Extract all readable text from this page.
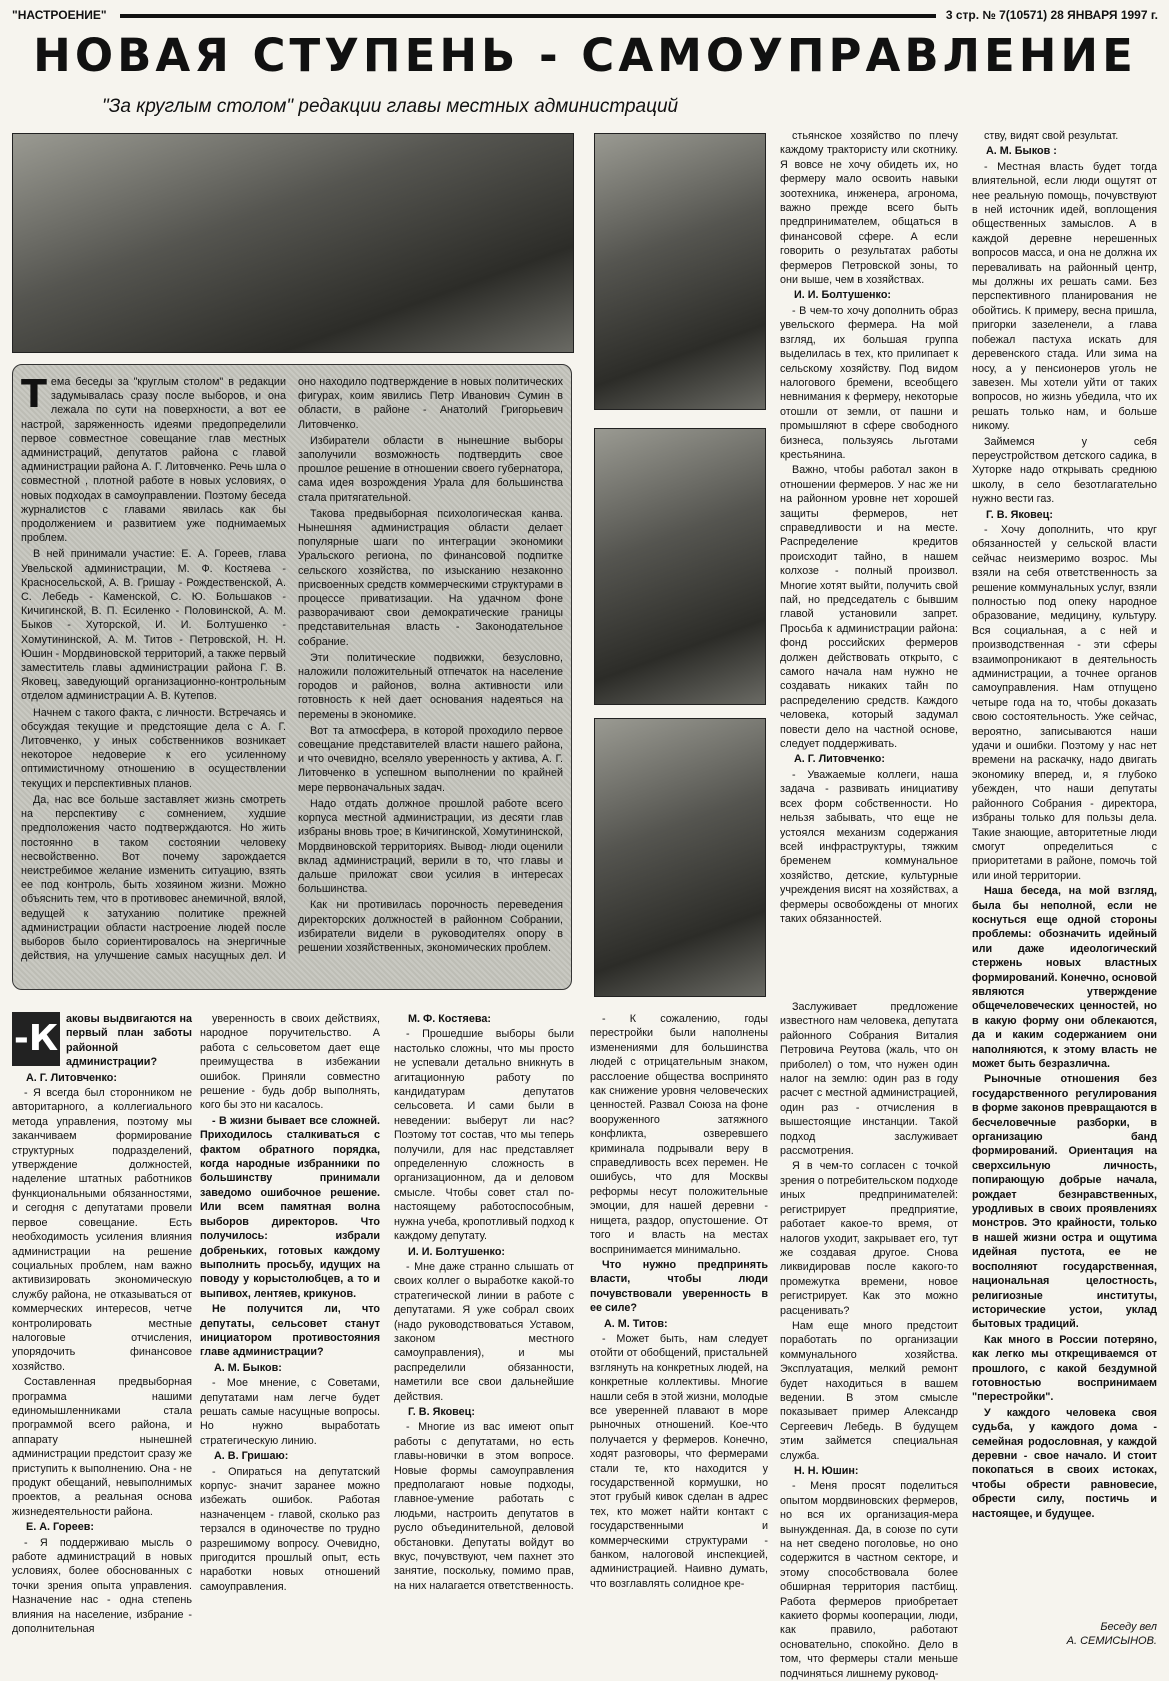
"НАСТРОЕНИЕ"	3 стр. № 7(10571) 28 ЯНВАРЯ 1997 г.
НОВАЯ СТУПЕНЬ - САМОУПРАВЛЕНИЕ
"За круглым столом" редакции главы местных администраций

Тема беседы за "круглым столом" в редакции задумывалась сразу после выборов, и она лежала по сути на поверхности, а вот ее настрой, заряженность идеями предопределили первое совместное совещание глав местных администраций, депутатов района с главой администрации района А. Г. Литовченко. Речь шла о совместной , плотной работе в новых условиях, о новых подходах в самоуправлении. Поэтому беседа журналистов с главами явилась как бы продолжением и развитием уже поднимаемых проблем.

В ней принимали участие: Е. А. Гореев, глава Увельской администрации, М. Ф. Костяева - Красносельской, А. В. Гришау - Рождественской, А. С. Лебедь - Каменской, С. Ю. Большаков - Кичигинской, В. П. Есиленко - Половинской, А. М. Быков - Хуторской, И. И. Болтушенко - Хомутининской, А. М. Титов - Петровской, Н. Н. Юшин - Мордвиновской территорий, а также первый заместитель главы администрации района Г. В. Яковец, заведующий организационно-контрольным отделом администрации А. В. Кутепов.

Начнем с такого факта, с личности. Встречаясь и обсуждая текущие и предстоящие дела с А. Г. Литовченко, у иных собственников возникает некоторое недоверие к его усиленному оптимистичному отношению в осуществлении текущих и перспективных планов.

Да, нас все больше заставляет жизнь смотреть на перспективу с сомнением, худшие предположения часто подтверждаются. Но жить постоянно в таком состоянии человеку несвойственно. Вот почему зарождается неистребимое желание изменить ситуацию, взять ее под контроль, быть хозяином жизни. Можно объяснить тем, что в противовес анемичной, вялой, ведущей к затуханию политике прежней администрации области настроение людей после выборов было сориентировалось на энергичные действия, на улучшение самых насущных дел. И оно находило подтверждение в новых политических фигурах, коим явились Петр Иванович Сумин в области, в районе - Анатолий Григорьевич Литовченко.

Избиратели области в нынешние выборы заполучили возможность подтвердить свое прошлое решение в отношении своего губернатора, сама идея возрождения Урала для большинства стала притягательной.

Такова предвыборная психологическая канва. Нынешняя администрация области делает популярные шаги по интеграции экономики Уральского региона, по финансовой подпитке сельского хозяйства, по изысканию незаконно присвоенных средств коммерческими структурами в процессе приватизации. На удачном фоне разворачивают свои демократические границы представительная власть - Законодательное собрание.

Эти политические подвижки, безусловно, наложили положительный отпечаток на население городов и районов, волна активности или готовность к ней дает основания надеяться на перемены в экономике.

Вот та атмосфера, в которой проходило первое совещание представителей власти нашего района, и что очевидно, вселяло уверенность у актива, А. Г. Литовченко в успешном выполнении по крайней мере первоначальных задач.

Надо отдать должное прошлой работе всего корпуса местной администрации, из десяти глав избраны вновь трое; в Кичигинской, Хомутининской, Мордвиновской территориях. Вывод- люди оценили вклад администраций, верили в то, что главы и дальше приложат свои усилия в интересах большинства.

Как ни противилась порочность переведения директорских должностей в районном Собрании, избиратели видели в руководителях опору в решении хозяйственных, экономических проблем.

стьянское хозяйство по плечу каждому трактористу или скотнику. Я вовсе не хочу обидеть их, но фермеру мало освоить навыки зоотехника, инженера, агронома, важно прежде всего быть предпринимателем, общаться в финансовой сфере. А если говорить о результатах работы фермеров Петровской зоны, то они выше, чем в хозяйствах.

И. И. Болтушенко:

- В чем-то хочу дополнить образ увельского фермера. На мой взгляд, их большая группа выделилась в тех, кто прилипает к сельскому хозяйству. Под видом налогового бремени, всеобщего невнимания к фермеру, некоторые отошли от земли, от пашни и промышляют в сфере свободного бизнеса, пользуясь льготами крестьянина.

Важно, чтобы работал закон в отношении фермеров. У нас же ни на районном уровне нет хорошей защиты фермеров, нет справедливости и на месте. Распределение кредитов происходит тайно, в нашем колхозе - полный произвол. Многие хотят выйти, получить свой пай, но председатель с бывшим главой установили запрет. Просьба к администрации района: фонд российских фермеров должен действовать открыто, с самого начала нам нужно не создавать никаких тайн по распределению средств. Каждого человека, который задумал повести дело на частной основе, следует поддерживать.

А. Г. Литовченко:

- Уважаемые коллеги, наша задача - развивать инициативу всех форм собственности. Но нельзя забывать, что еще не устоялся механизм содержания всей инфраструктуры, тяжким бременем коммунальное хозяйство, детские, культурные учреждения висят на хозяйствах, а фермеры освобождены от многих таких обязанностей.

ству, видят свой результат.

А. М. Быков :

- Местная власть будет тогда влиятельной, если люди ощутят от нее реальную помощь, почувствуют в ней источник идей, воплощения общественных замыслов. А в каждой деревне нерешенных вопросов масса, и она не должна их переваливать на районный центр, мы должны их решать сами. Без перспективного планирования не обойтись. К примеру, весна пришла, пригорки зазеленели, а глава побежал пастуха искать для деревенского стада. Или зима на носу, а у пенсионеров уголь не завезен. Мы хотели уйти от таких вопросов, но жизнь убедила, что их решать только нам, и больше никому.

Займемся у себя переустройством детского садика, в Хуторке надо открывать среднюю школу, в село безотлагательно нужно вести газ.

Г. В. Яковец:

- Хочу дополнить, что круг обязанностей у сельской власти сейчас неизмеримо возрос. Мы взяли на себя ответственность за решение коммунальных услуг, взяли полностью под опеку народное образование, медицину, культуру. Вся социальная, а с ней и производственная - эти сферы взаимопроникают в деятельность администрации, а точнее органов самоуправления. Нам отпущено четыре года на то, чтобы доказать свою состоятельность. Уже сейчас, вероятно, записываются наши удачи и ошибки. Поэтому у нас нет времени на раскачку, надо двигать экономику вперед, и, я глубоко убежден, что наши депутаты районного Собрания - директора, избраны только для пользы дела. Такие знающие, авторитетные люди смогут определиться с приоритетами в районе, помочь той или иной территории.

Наша беседа, на мой взгляд, была бы неполной, если не коснуться еще одной стороны проблемы: обозначить идейный или даже идеологический стержень новых властных формирований. Конечно, основой являются утверждение общечеловеческих ценностей, но в какую форму они облекаются, да и каким содержанием они наполняются, к этому власть не может быть безразлична.

Рыночные отношения без государственного регулирования в форме законов превращаются в бесчеловечные разборки, в организацию банд формирований. Ориентация на сверхсильную личность, попирающую добрые начала, рождает безнравственных, уродливых в своих проявлениях монстров. Это крайности, только в нашей жизни остра и ощутима идейная пустота, ее не восполняют государственная, национальная целостность, религиозные институты, исторические устои, уклад бытовых традиций.

Как много в России потеряно, как легко мы открещиваемся от прошлого, с какой бездумной готовностью воспринимаем "перестройки".

У каждого человека своя судьба, у каждого дома - семейная родословная, у каждой деревни - свое начало. И стоит покопаться в своих истоках, чтобы обрести равновесие, обрести силу, постичь и настоящее, и будущее.

-К аковы выдвигаются на первый план заботы районной администрации?

А. Г. Литовченко:

- Я всегда был сторонником не авторитарного, а коллегиального метода управления, поэтому мы заканчиваем формирование структурных подразделений, утверждение должностей, наделение штатных работников функциональными обязанностями, и сегодня с депутатами провели первое совещание. Есть необходимость усиления влияния администрации на решение социальных проблем, нам важно активизировать экономическую службу района, не отказываться от коммерческих интересов, четче контролировать местные налоговые отчисления, упорядочить финансовое хозяйство.

Составленная предвыборная программа нашими единомышленниками стала программой всего района, и аппарату нынешней администрации предстоит сразу же приступить к выполнению. Она - не продукт обещаний, невыполнимых проектов, а реальная основа жизнедеятельности района.

Е. А. Гореев:

- Я поддерживаю мысль о работе администраций в новых условиях, более обоснованных с точки зрения опыта управления. Назначение нас - одна степень влияния на население, избрание - дополнительная

уверенность в своих действиях, народное поручительство. А работа с сельсоветом дает еще преимущества в избежании ошибок. Приняли совместно решение - будь добр выполнять, кого бы это ни касалось.

- В жизни бывает все сложней. Приходилось сталкиваться с фактом обратного порядка, когда народные избранники по большинству принимали заведомо ошибочное решение. Или всем памятная волна выборов директоров. Что получилось: избрали добреньких, готовых каждому выполнить просьбу, идущих на поводу у корыстолюбцев, а то и выпивох, лентяев, крикунов.

Не получится ли, что депутаты, сельсовет станут инициатором противостояния главе администрации?

А. М. Быков:

- Мое мнение, с Советами, депутатами нам легче будет решать самые насущные вопросы. Но нужно выработать стратегическую линию.

А. В. Гришаю:

- Опираться на депутатский корпус- значит заранее можно избежать ошибок. Работая назначенцем - главой, сколько раз терзался в одиночестве по трудно разрешимому вопросу. Очевидно, пригодится прошлый опыт, есть наработки новых отношений самоуправления.

М. Ф. Костяева:

- Прошедшие выборы были настолько сложны, что мы просто не успевали детально вникнуть в агитационную работу по кандидатурам депутатов сельсовета. И сами были в неведении: выберут ли нас? Поэтому тот состав, что мы теперь получили, для нас представляет определенную сложность в организационном, да и деловом смысле. Чтобы совет стал по-настоящему работоспособным, нужна учеба, кропотливый подход к каждому депутату.

И. И. Болтушенко:

- Мне даже странно слышать от своих коллег о выработке какой-то стратегической линии в работе с депутатами. Я уже собрал своих (надо руководствоваться Уставом, законом местного самоуправления), и мы распределили обязанности, наметили все свои дальнейшие действия.

Г. В. Яковец:

- Многие из вас имеют опыт работы с депутатами, но есть главы-новички в этом вопросе. Новые формы самоуправления предполагают новые подходы, главное-умение работать с людьми, настроить депутатов в русло объединительной, деловой обстановки. Депутаты войдут во вкус, почувствуют, чем пахнет это занятие, поскольку, помимо прав, на них налагается ответственность.

- К сожалению, годы перестройки были наполнены изменениями для большинства людей с отрицательным знаком, расслоение общества воспринято как снижение уровня человеческих ценностей. Развал Союза на фоне вооруженного затяжного конфликта, озверевшего криминала подрывали веру в справедливость всех перемен. Не ошибусь, что для Москвы реформы несут положительные эмоции, для нашей деревни - нищета, раздор, опустошение. От того и власть на местах воспринимается минимально.

Что нужно предпринять власти, чтобы люди почувствовали уверенность в ее силе?

А. М. Титов:

- Может быть, нам следует отойти от обобщений, пристальней взглянуть на конкретных людей, на конкретные коллективы. Многие нашли себя в этой жизни, молодые все уверенней плавают в море рыночных отношений. Кое-что получается у фермеров. Конечно, ходят разговоры, что фермерами стали те, кто находится у государственной кормушки, но этот грубый кивок сделан в адрес тех, кто может найти контакт с государственными и коммерческими структурами - банком, налоговой инспекцией, администрацией. Наивно думать, что возглавлять солидное кре-

Заслуживает предложение известного нам человека, депутата районного Собрания Виталия Петровича Реутова (жаль, что он приболел) о том, что нужен один налог на землю: один раз в году расчет с местной администрацией, один раз - отчисления в вышестоящие инстанции. Такой подход заслуживает рассмотрения.

Я в чем-то согласен с точкой зрения о потребительском подходе иных предпринимателей: регистрирует предприятие, работает какое-то время, от налогов уходит, закрывает его, тут же создавая другое. Снова ликвидировав после какого-то промежутка времени, новое регистрирует. Как это можно расценивать?

Нам еще много предстоит поработать по организации коммунального хозяйства. Эксплуатация, мелкий ремонт будет находиться в вашем ведении. В этом смысле показывает пример Александр Сергеевич Лебедь. В будущем этим займется специальная служба.

Н. Н. Юшин:

- Меня просят поделиться опытом мордвиновских фермеров, но вся их организация-мера вынужденная. Да, в союзе по сути на нет сведено поголовье, но оно содержится в частном секторе, и этому способствовала более обширная территория пастбищ. Работа фермеров приобретает какието формы кооперации, люди, как правило, работают основательно, спокойно. Дело в том, что фермеры стали меньше подчиняться лишнему руковод-

Беседу вел
А. СЕМИСЫНОВ.
